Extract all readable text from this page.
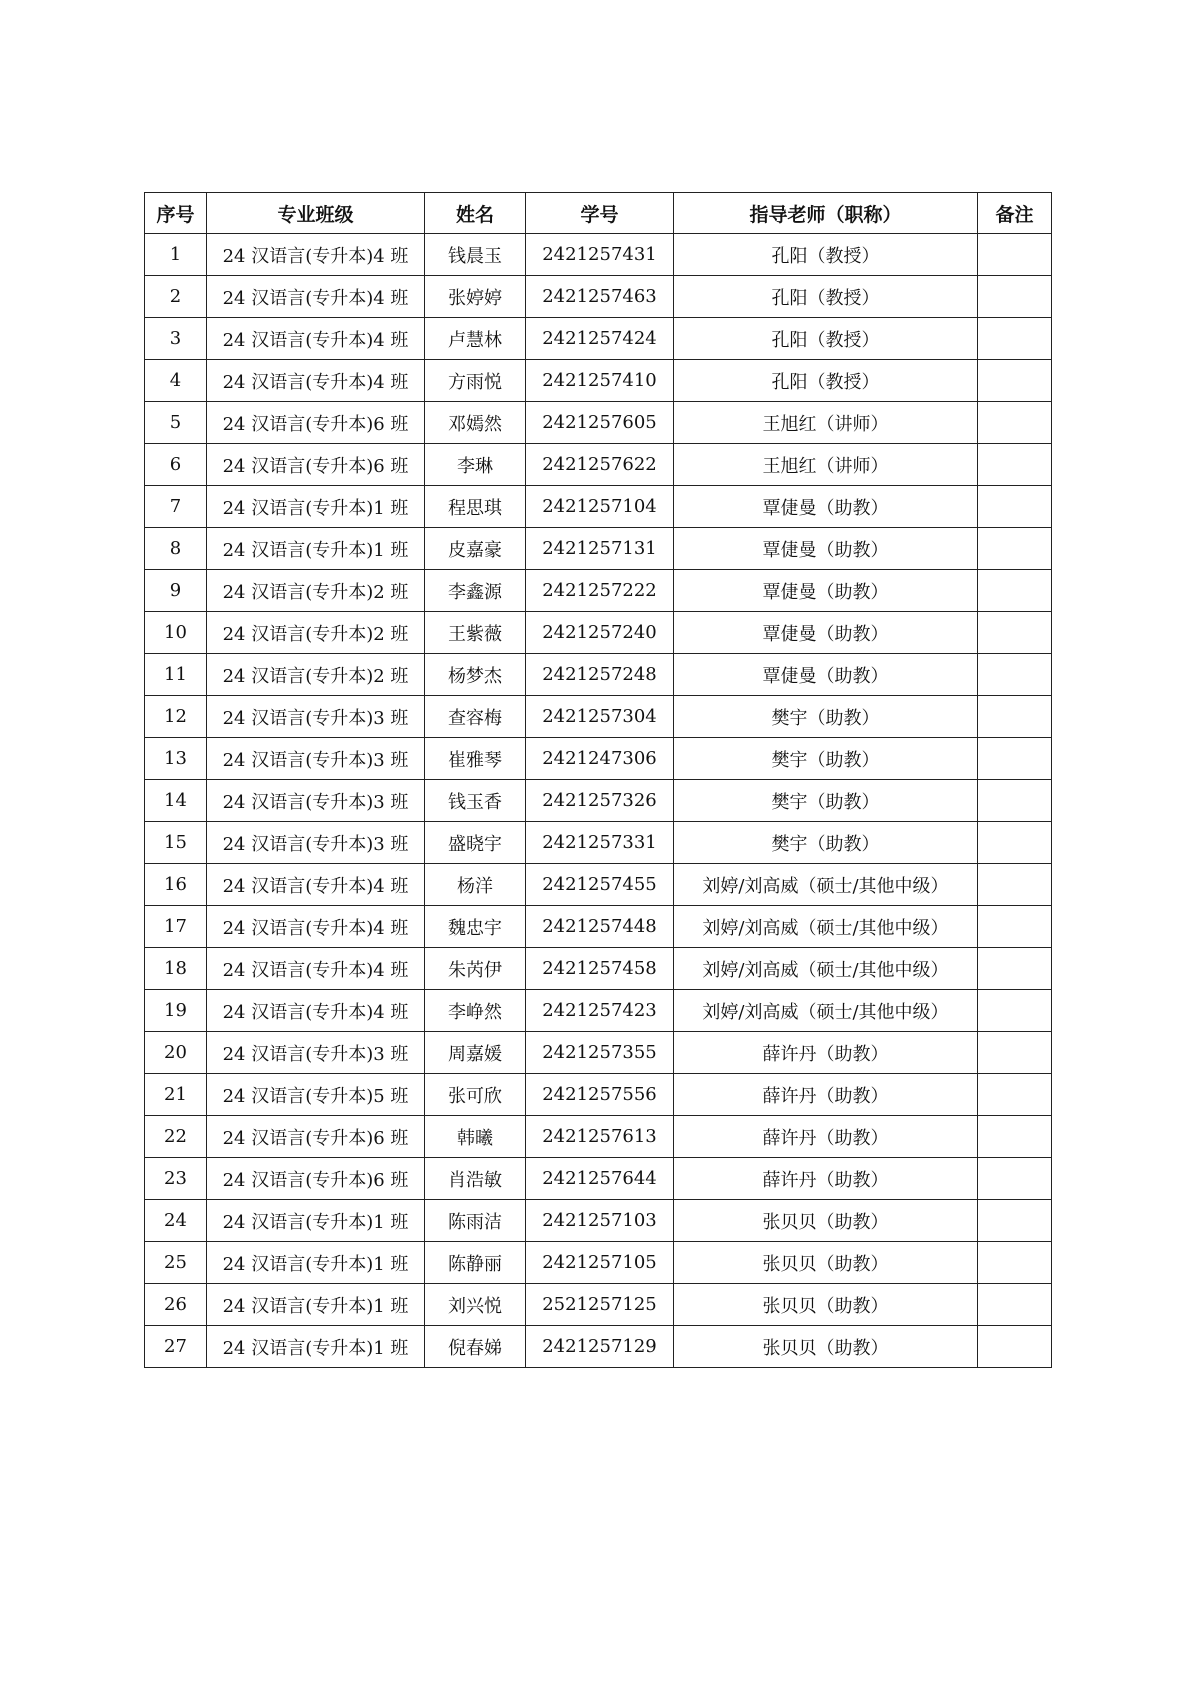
序号	专业班级	姓名	学号	指导老师（职称）	备注
1	24 汉语言(专升本)4 班	钱晨玉	2421257431	孔阳（教授）	
2	24 汉语言(专升本)4 班	张婷婷	2421257463	孔阳（教授）	
3	24 汉语言(专升本)4 班	卢慧林	2421257424	孔阳（教授）	
4	24 汉语言(专升本)4 班	方雨悦	2421257410	孔阳（教授）	
5	24 汉语言(专升本)6 班	邓嫣然	2421257605	王旭红（讲师）	
6	24 汉语言(专升本)6 班	李琳	2421257622	王旭红（讲师）	
7	24 汉语言(专升本)1 班	程思琪	2421257104	覃倢曼（助教）	
8	24 汉语言(专升本)1 班	皮嘉豪	2421257131	覃倢曼（助教）	
9	24 汉语言(专升本)2 班	李鑫源	2421257222	覃倢曼（助教）	
10	24 汉语言(专升本)2 班	王紫薇	2421257240	覃倢曼（助教）	
11	24 汉语言(专升本)2 班	杨梦杰	2421257248	覃倢曼（助教）	
12	24 汉语言(专升本)3 班	查容梅	2421257304	樊宇（助教）	
13	24 汉语言(专升本)3 班	崔雅琴	2421247306	樊宇（助教）	
14	24 汉语言(专升本)3 班	钱玉香	2421257326	樊宇（助教）	
15	24 汉语言(专升本)3 班	盛晓宇	2421257331	樊宇（助教）	
16	24 汉语言(专升本)4 班	杨洋	2421257455	刘婷/刘高威（硕士/其他中级）	
17	24 汉语言(专升本)4 班	魏忠宇	2421257448	刘婷/刘高威（硕士/其他中级）	
18	24 汉语言(专升本)4 班	朱芮伊	2421257458	刘婷/刘高威（硕士/其他中级）	
19	24 汉语言(专升本)4 班	李峥然	2421257423	刘婷/刘高威（硕士/其他中级）	
20	24 汉语言(专升本)3 班	周嘉媛	2421257355	薛许丹（助教）	
21	24 汉语言(专升本)5 班	张可欣	2421257556	薛许丹（助教）	
22	24 汉语言(专升本)6 班	韩曦	2421257613	薛许丹（助教）	
23	24 汉语言(专升本)6 班	肖浩敏	2421257644	薛许丹（助教）	
24	24 汉语言(专升本)1 班	陈雨洁	2421257103	张贝贝（助教）	
25	24 汉语言(专升本)1 班	陈静丽	2421257105	张贝贝（助教）	
26	24 汉语言(专升本)1 班	刘兴悦	2521257125	张贝贝（助教）	
27	24 汉语言(专升本)1 班	倪春娣	2421257129	张贝贝（助教）	
